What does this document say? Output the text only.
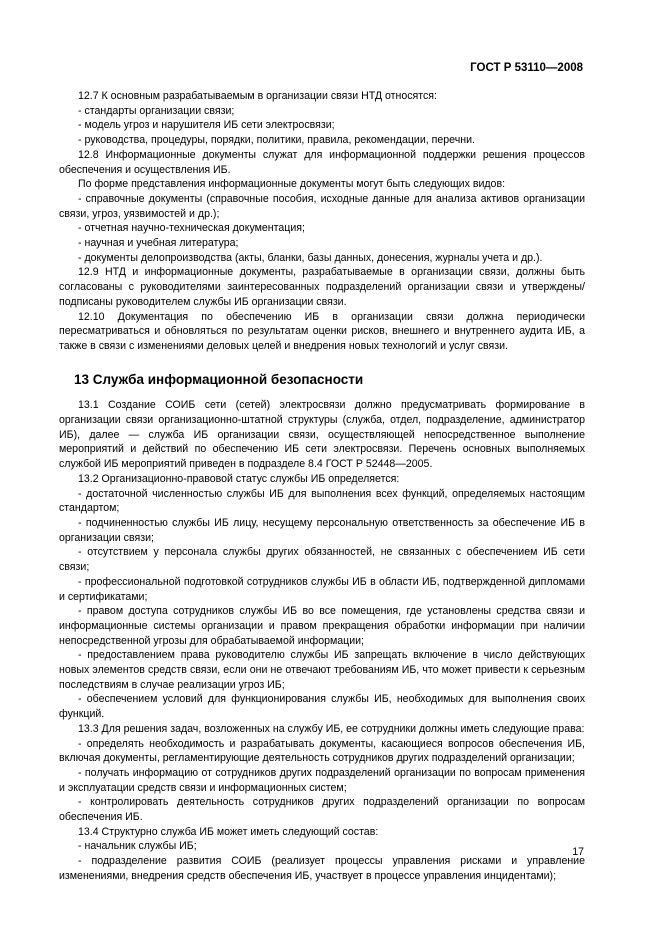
ГОСТ Р 53110—2008

12.7 К основным разрабатываемым в организации связи НТД относятся:

- стандарты организации связи;

- модель угроз и нарушителя ИБ сети электросвязи;

- руководства, процедуры, порядки, политики, правила, рекомендации, перечни.

12.8 Информационные документы служат для информационной поддержки решения процессов обеспечения и осуществления ИБ.

По форме представления информационные документы могут быть следующих видов:

- справочные документы (справочные пособия, исходные данные для анализа активов организации связи, угроз, уязвимостей и др.);

- отчетная научно-техническая документация;

- научная и учебная литература;

- документы делопроизводства (акты, бланки, базы данных, донесения, журналы учета и др.).

12.9 НТД и информационные документы, разрабатываемые в организации связи, должны быть согласованы с руководителями заинтересованных подразделений организации связи и утверждены/подписаны руководителем службы ИБ организации связи.

12.10 Документация по обеспечению ИБ в организации связи должна периодически пересматриваться и обновляться по результатам оценки рисков, внешнего и внутреннего аудита ИБ, а также в связи с изменениями деловых целей и внедрения новых технологий и услуг связи.

13 Служба информационной безопасности

13.1 Создание СОИБ сети (сетей) электросвязи должно предусматривать формирование в организации связи организационно-штатной структуры (служба, отдел, подразделение, администратор ИБ), далее — служба ИБ организации связи, осуществляющей непосредственное выполнение мероприятий и действий по обеспечению ИБ сети электросвязи. Перечень основных выполняемых службой ИБ мероприятий приведен в подразделе 8.4 ГОСТ Р 52448—2005.

13.2 Организационно-правовой статус службы ИБ определяется:

- достаточной численностью службы ИБ для выполнения всех функций, определяемых настоящим стандартом;

- подчиненностью службы ИБ лицу, несущему персональную ответственность за обеспечение ИБ в организации связи;

- отсутствием у персонала службы других обязанностей, не связанных с обеспечением ИБ сети связи;

- профессиональной подготовкой сотрудников службы ИБ в области ИБ, подтвержденной дипломами и сертификатами;

- правом доступа сотрудников службы ИБ во все помещения, где установлены средства связи и информационные системы организации и правом прекращения обработки информации при наличии непосредственной угрозы для обрабатываемой информации;

- предоставлением права руководителю службы ИБ запрещать включение в число действующих новых элементов средств связи, если они не отвечают требованиям ИБ, что может привести к серьезным последствиям в случае реализации угроз ИБ;

- обеспечением условий для функционирования службы ИБ, необходимых для выполнения своих функций.

13.3 Для решения задач, возложенных на службу ИБ, ее сотрудники должны иметь следующие права:

- определять необходимость и разрабатывать документы, касающиеся вопросов обеспечения ИБ, включая документы, регламентирующие деятельность сотрудников других подразделений организации;

- получать информацию от сотрудников других подразделений организации по вопросам применения и эксплуатации средств связи и информационных систем;

- контролировать деятельность сотрудников других подразделений организации по вопросам обеспечения ИБ.

13.4 Структурно служба ИБ может иметь следующий состав:

- начальник службы ИБ;

- подразделение развития СОИБ (реализует процессы управления рисками и управление изменениями, внедрения средств обеспечения ИБ, участвует в процессе управления инцидентами);

17
